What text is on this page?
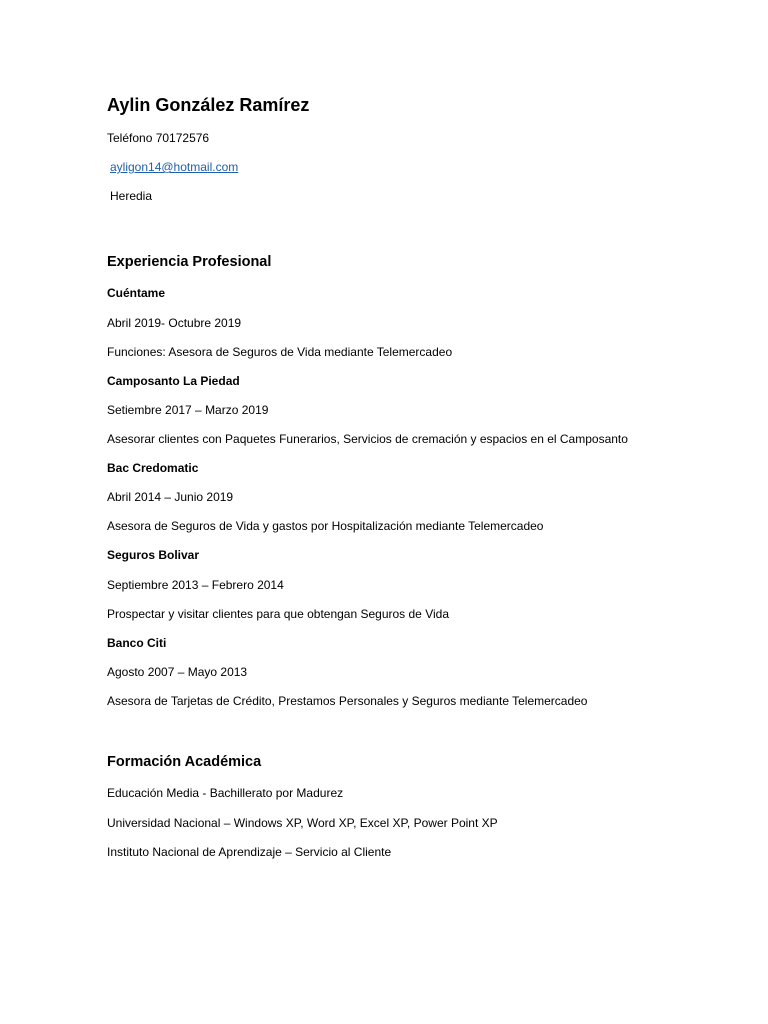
Aylin González Ramírez
Teléfono 70172576
ayligon14@hotmail.com
Heredia
Experiencia Profesional
Cuéntame
Abril 2019- Octubre 2019
Funciones: Asesora de Seguros de Vida mediante Telemercadeo
Camposanto La Piedad
Setiembre 2017 – Marzo 2019
Asesorar clientes con Paquetes Funerarios, Servicios de cremación y espacios en el Camposanto
Bac Credomatic
Abril 2014 – Junio 2019
Asesora de Seguros de Vida y gastos por Hospitalización mediante Telemercadeo
Seguros Bolivar
Septiembre 2013 – Febrero 2014
Prospectar y visitar clientes para que obtengan Seguros de Vida
Banco Citi
Agosto 2007 – Mayo 2013
Asesora de Tarjetas de Crédito, Prestamos Personales y Seguros mediante Telemercadeo
Formación Académica
Educación Media - Bachillerato por Madurez
Universidad Nacional – Windows XP, Word XP, Excel XP, Power Point XP
Instituto Nacional de Aprendizaje – Servicio al Cliente
